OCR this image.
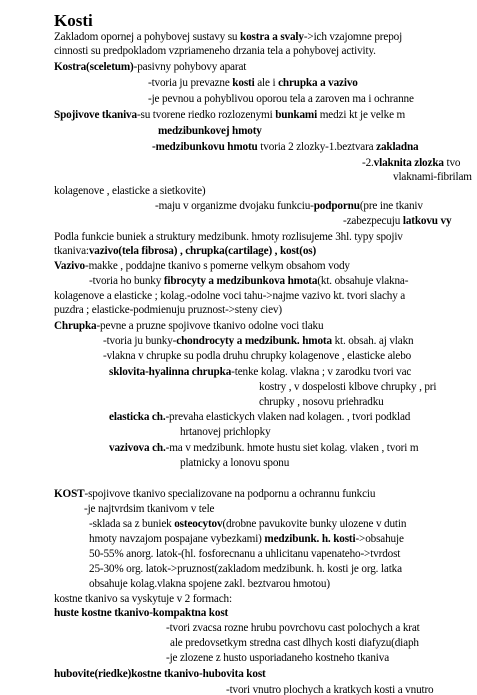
Kosti
Zakladom opornej a pohybovej sustavy su kostra a svaly->ich vzajomne prepoj
cinnosti su predpokladom vzpriameneho drzania tela a pohybovej activity.
Kostra(sceletum)-pasivny pohybovy aparat
-tvoria ju prevazne kosti ale i chrupka a vazivo
-je pevnou a pohyblivou oporou tela a zaroven ma i ochranne
Spojivove tkaniva-su tvorene riedko rozlozenymi bunkami medzi kt je velke m
medzibunkovej hmoty
-medzibunkovu hmotu tvoria 2 zlozky-1.beztvara zakladna
-2.vlaknita zlozka tvo
vlaknami-fibrilam
kolagenove , elasticke a sietkovite)
-maju v organizme dvojaku funkciu-podpornu(pre ine tkaniv
-zabezpecuju latkovu vy
Podla funkcie buniek a struktury medzibunk. hmoty rozlisujeme 3hl. typy spojiv
tkaniva:vazivo(tela fibrosa) , chrupka(cartilage) , kost(os)
Vazivo-makke , poddajne tkanivo s pomerne velkym obsahom vody
-tvoria ho bunky fibrocyty a medzibunkova hmota(kt. obsahuje vlakna-
kolagenove a elasticke ; kolag.-odolne voci tahu->najme vazivo kt. tvori slachy a
puzdra ; elasticke-podmienuju pruznost->steny ciev)
Chrupka-pevne a pruzne spojivove tkanivo odolne voci tlaku
-tvoria ju bunky-chondrocyty a medzibunk. hmota kt. obsah. aj vlakn
-vlakna v chrupke su podla druhu chrupky kolagenove , elasticke alebo
sklovita-hyalinna chrupka-tenke kolag. vlakna ; v zarodku tvori vac
kostry , v dospelosti klbove chrupky , pri
chrupky , nosovu priehradku
elasticka ch.-prevaha elastickych vlaken nad kolagen. , tvori podklad
hrtanovej prichlopky
vazivova ch.-ma v medzibunk. hmote hustu siet kolag. vlaken , tvori m
platnicky a lonovu sponu
KOST-spojivove tkanivo specializovane na podpornu a ochrannu funkciu
-je najtvrdsim tkanivom v tele
-sklada sa z buniek osteocytov(drobne pavukovite bunky ulozene v dutin
hmoty navzajom pospajane vybezkami) medzibunk. h. kosti->obsahuje
50-55% anorg. latok-(hl. fosforecnanu a uhlicitanu vapenateho->tvrdost
25-30% org. latok->pruznost(zakladom medzibunk. h. kosti je org. latka
obsahuje kolag.vlakna spojene zakl. beztvarou hmotou)
kostne tkanivo sa vyskytuje v 2 formach:
huste kostne tkanivo-kompaktna kost
-tvori zvacsa rozne hrubu povrchovu cast polochych a krat
ale predovsetkym stredna cast dlhych kosti diafyzu(diaph
-je zlozene z husto usporiadaneho kostneho tkaniva
hubovite(riedke)kostne tkanivo-hubovita kost
-tvori vnutro plochych a kratkych kosti a vnutro
